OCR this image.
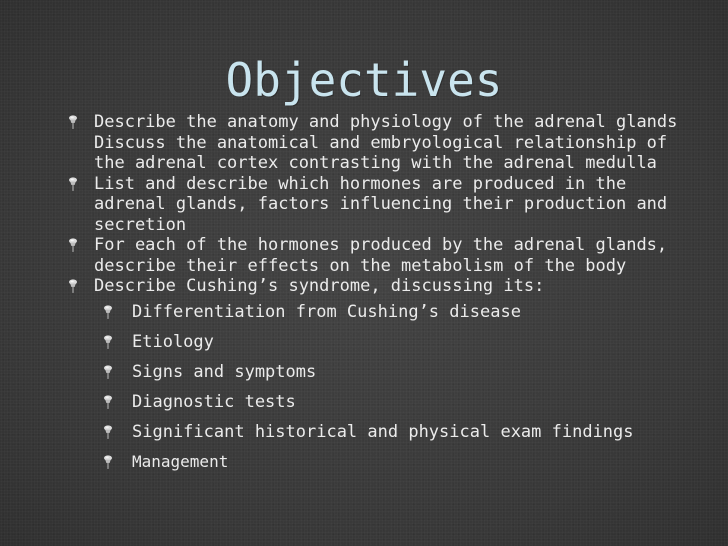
Objectives
Describe the anatomy and physiology of the adrenal glands Discuss the anatomical and embryological relationship of the adrenal cortex contrasting with the adrenal medulla
List and describe which hormones are produced in the adrenal glands, factors influencing their production and secretion
For each of the hormones produced by the adrenal glands, describe their effects on the metabolism of the body
Describe Cushing’s syndrome, discussing its:
Differentiation from Cushing’s disease
Etiology
Signs and symptoms
Diagnostic tests
Significant historical and physical exam findings
Management
